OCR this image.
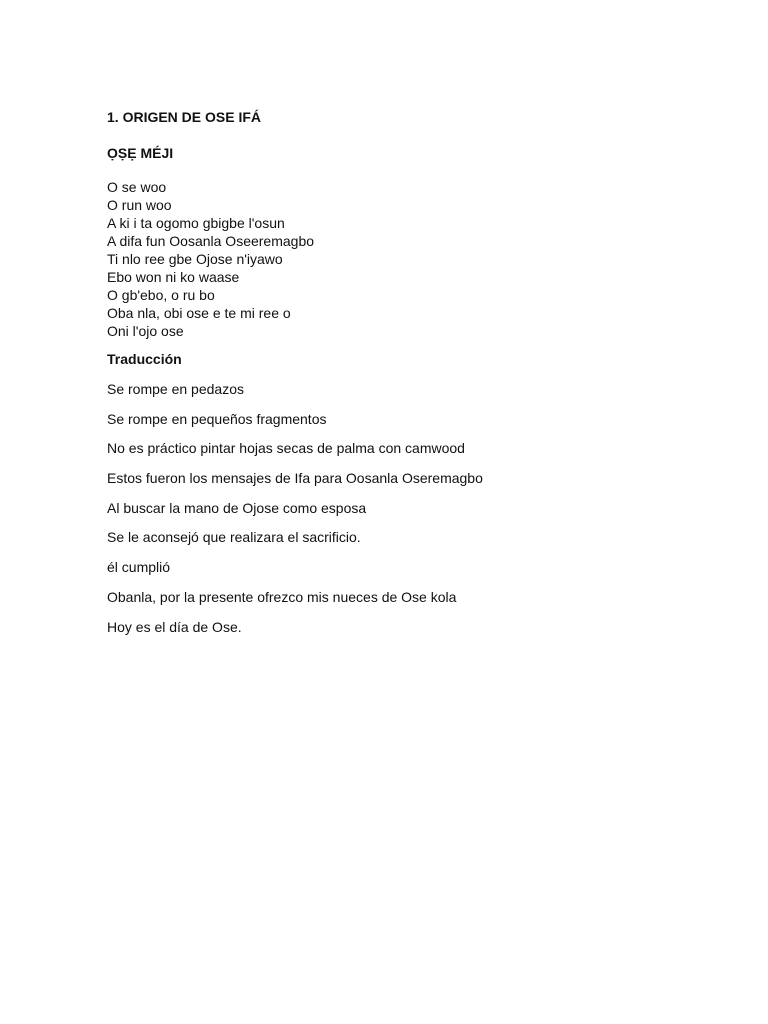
1. ORIGEN DE OSE IFÁ
ỌṢẸ MÉJI
O se woo
O run woo
A ki i ta ogomo gbigbe l'osun
A difa fun Oosanla Oseeremagbo
Ti nlo ree gbe Ojose n'iyawo
Ebo won ni ko waase
O gb'ebo, o ru bo
Oba nla, obi ose e te mi ree o
Oni l'ojo ose
Traducción
Se rompe en pedazos
Se rompe en pequeños fragmentos
No es práctico pintar hojas secas de palma con camwood
Estos fueron los mensajes de Ifa para Oosanla Oseremagbo
Al buscar la mano de Ojose como esposa
Se le aconsejó que realizara el sacrificio.
él cumplió
Obanla, por la presente ofrezco mis nueces de Ose kola
Hoy es el día de Ose.
